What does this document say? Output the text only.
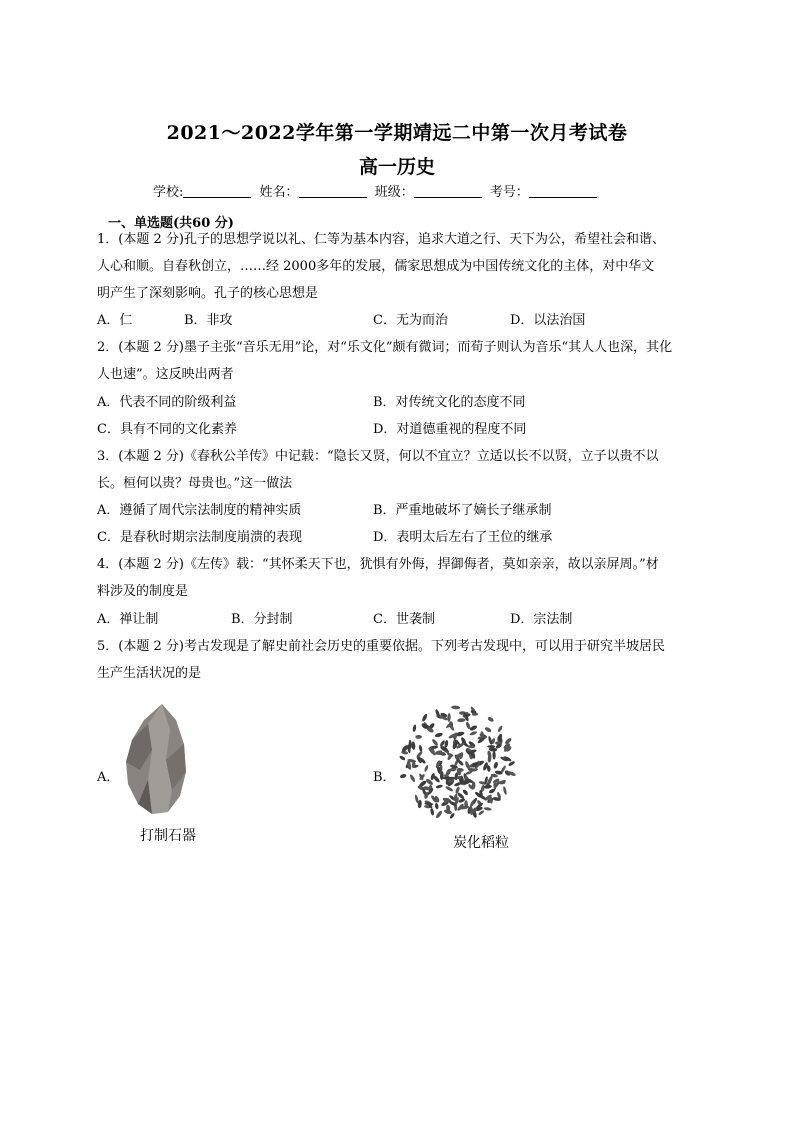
2021～2022学年第一学期靖远二中第一次月考试卷
高一历史
学校:	姓名：	班级：	考号：
一、单选题(共60 分)
1．(本题 2 分)孔子的思想学说以礼、仁等为基本内容，追求大道之行、天下为公，希望社会和谐、
人心和顺。自春秋创立，……经 2000多年的发展，儒家思想成为中国传统文化的主体，对中华文
明产生了深刻影响。孔子的核心思想是
A．仁	B．非攻	C．无为而治	D．以法治国
2．(本题 2 分)墨子主张“音乐无用”论，对“乐文化”颇有微词；而荀子则认为音乐“其人人也深，其化
人也速”。这反映出两者
A．代表不同的阶级利益	B．对传统文化的态度不同
C．具有不同的文化素养	D．对道德重视的程度不同
3．(本题 2 分)《春秋公羊传》中记载：“隐长又贤，何以不宜立？立适以长不以贤，立子以贵不以
长。桓何以贵？母贵也。”这一做法
A．遵循了周代宗法制度的精神实质	B．严重地破坏了嫡长子继承制
C．是春秋时期宗法制度崩溃的表现	D．表明太后左右了王位的继承
4．(本题 2 分)《左传》载：“其怀柔天下也，犹惧有外侮，捍御侮者，莫如亲亲，故以亲屏周。”材
料涉及的制度是
A．禅让制	B．分封制	C．世袭制	D．宗法制
5．(本题 2 分)考古发现是了解史前社会历史的重要依据。下列考古发现中，可以用于研究半坡居民
生产生活状况的是
A．
打制石器
B．
炭化稻粒
